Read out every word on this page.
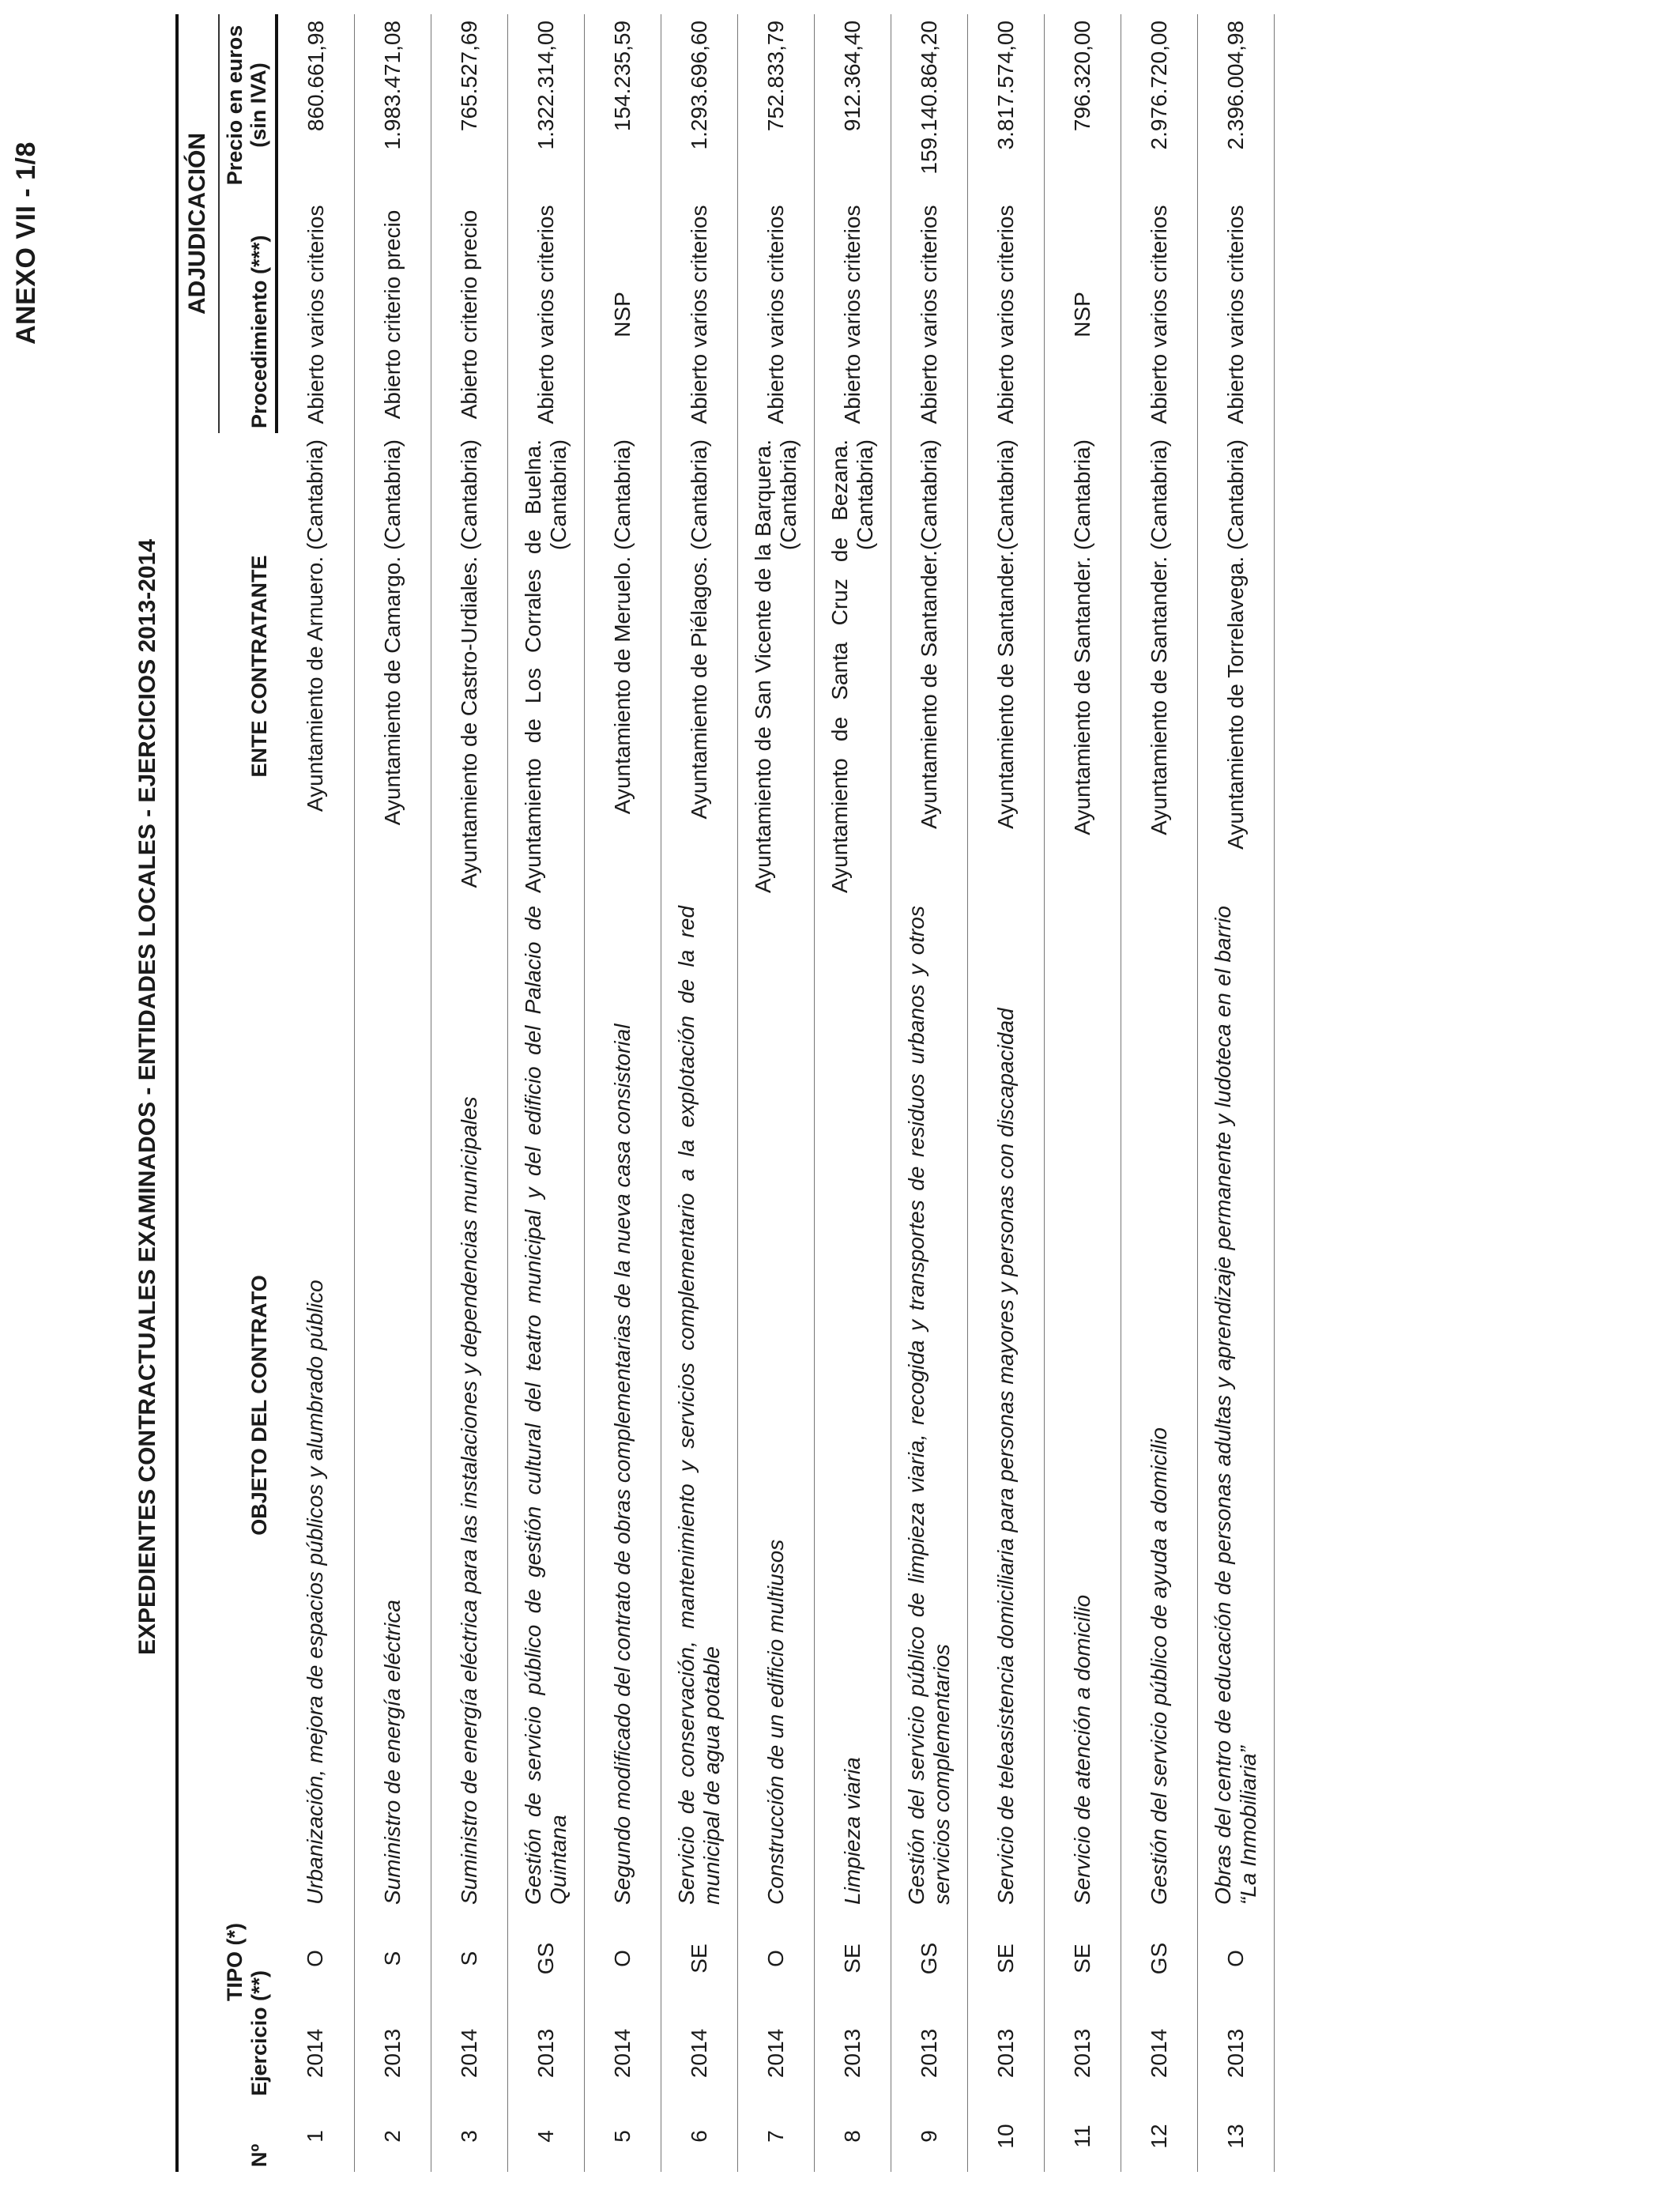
ANEXO VII - 1/8
EXPEDIENTES CONTRACTUALES EXAMINADOS - ENTIDADES LOCALES - EJERCICIOS 2013-2014
Nº	Ejercicio	TIPO (*)(**)	OBJETO DEL CONTRATO	ENTE CONTRATANTE	ADJUDICACIÓN	
					Procedimiento (***)	Precio en euros (sin IVA)
1	2014	O	Urbanización, mejora de espacios públicos y alumbrado público	Ayuntamiento de Arnuero. (Cantabria)	Abierto varios criterios	860.661,98
2	2013	S	Suministro de energía eléctrica	Ayuntamiento de Camargo. (Cantabria)	Abierto criterio precio	1.983.471,08
3	2014	S	Suministro de energía eléctrica para las instalaciones y dependencias municipales	Ayuntamiento de Castro-Urdiales. (Cantabria)	Abierto criterio precio	765.527,69
4	2013	GS	Gestión de servicio público de gestión cultural del teatro municipal y del edificio del Palacio de Quintana	Ayuntamiento de Los Corrales de Buelna. (Cantabria)	Abierto varios criterios	1.322.314,00
5	2014	O	Segundo modificado del contrato de obras complementarias de la nueva casa consistorial	Ayuntamiento de Meruelo. (Cantabria)	NSP	154.235,59
6	2014	SE	Servicio de conservación, mantenimiento y servicios complementario a la explotación de la red municipal de agua potable	Ayuntamiento de Piélagos. (Cantabria)	Abierto varios criterios	1.293.696,60
7	2014	O	Construcción de un edificio multiusos	Ayuntamiento de San Vicente de la Barquera. (Cantabria)	Abierto varios criterios	752.833,79
8	2013	SE	Limpieza viaria	Ayuntamiento de Santa Cruz de Bezana. (Cantabria)	Abierto varios criterios	912.364,40
9	2013	GS	Gestión del servicio público de limpieza viaria, recogida y transportes de residuos urbanos y otros servicios complementarios	Ayuntamiento de Santander.(Cantabria)	Abierto varios criterios	159.140.864,20
10	2013	SE	Servicio de teleasistencia domiciliaria para personas mayores y personas con discapacidad	Ayuntamiento de Santander.(Cantabria)	Abierto varios criterios	3.817.574,00
11	2013	SE	Servicio de atención a domicilio	Ayuntamiento de Santander. (Cantabria)	NSP	796.320,00
12	2014	GS	Gestión del servicio público de ayuda a domicilio	Ayuntamiento de Santander. (Cantabria)	Abierto varios criterios	2.976.720,00
13	2013	O	Obras del centro de educación de personas adultas y aprendizaje permanente y ludoteca en el barrio “La Inmobiliaria”	Ayuntamiento de Torrelavega. (Cantabria)	Abierto varios criterios	2.396.004,98
